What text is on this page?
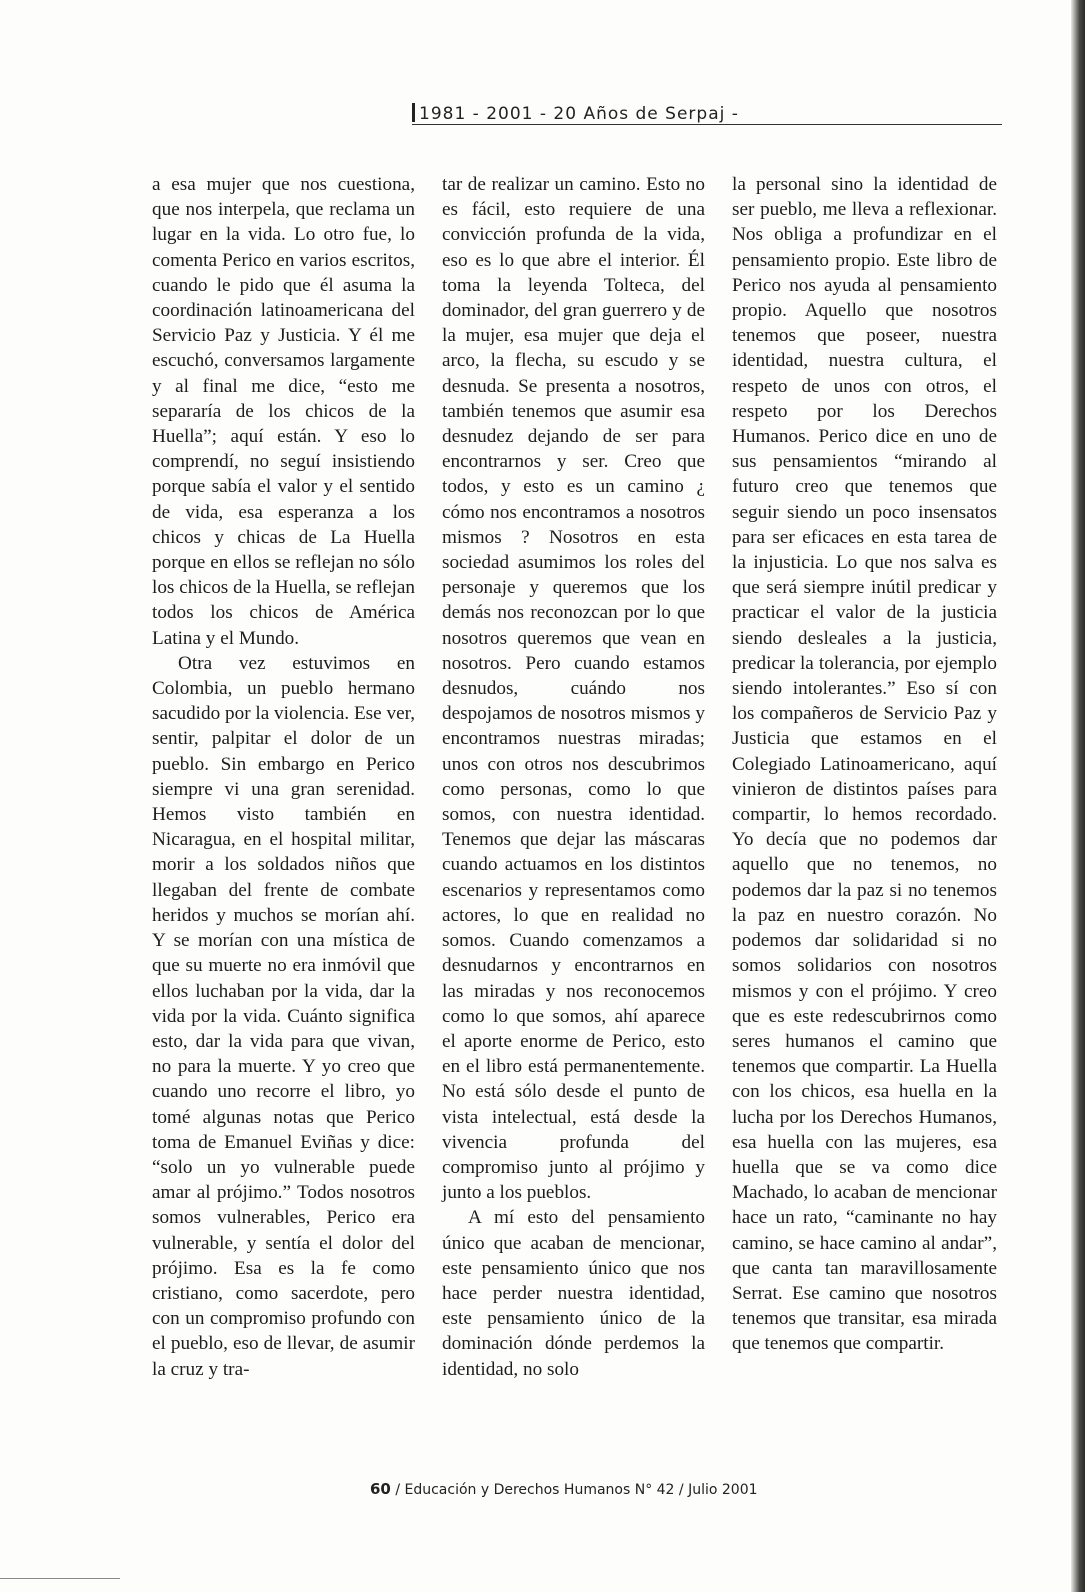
1981 - 2001 - 20 Años de Serpaj -

a esa mujer que nos cuestiona, que nos interpela, que reclama un lugar en la vida. Lo otro fue, lo comenta Perico en varios escritos, cuando le pido que él asuma la coordinación latinoamericana del Servicio Paz y Justicia. Y él me escuchó, conversamos largamente y al final me dice, “esto me separaría de los chicos de la Huella”; aquí están. Y eso lo comprendí, no seguí insistiendo porque sabía el valor y el sentido de vida, esa esperanza a los chicos y chicas de La Huella porque en ellos se reflejan no sólo los chicos de la Huella, se reflejan todos los chicos de América Latina y el Mundo.

Otra vez estuvimos en Colombia, un pueblo hermano sacudido por la violencia. Ese ver, sentir, palpitar el dolor de un pueblo. Sin embargo en Perico siempre vi una gran serenidad. Hemos visto también en Nicaragua, en el hospital militar, morir a los soldados niños que llegaban del frente de combate heridos y muchos se morían ahí. Y se morían con una mística de que su muerte no era inmóvil que ellos luchaban por la vida, dar la vida por la vida. Cuánto significa esto, dar la vida para que vivan, no para la muerte. Y yo creo que cuando uno recorre el libro, yo tomé algunas notas que Perico toma de Emanuel Eviñas y dice: “solo un yo vulnerable puede amar al prójimo.” Todos nosotros somos vulnerables, Perico era vulnerable, y sentía el dolor del prójimo. Esa es la fe como cristiano, como sacerdote, pero con un compromiso profundo con el pueblo, eso de llevar, de asumir la cruz y tra-

tar de realizar un camino. Esto no es fácil, esto requiere de una convicción profunda de la vida, eso es lo que abre el interior. Él toma la leyenda Tolteca, del dominador, del gran guerrero y de la mujer, esa mujer que deja el arco, la flecha, su escudo y se desnuda. Se presenta a nosotros, también tenemos que asumir esa desnudez dejando de ser para encontrarnos y ser. Creo que todos, y esto es un camino ¿ cómo nos encontramos a nosotros mismos ? Nosotros en esta sociedad asumimos los roles del personaje y queremos que los demás nos reconozcan por lo que nosotros queremos que vean en nosotros. Pero cuando estamos desnudos, cuándo nos despojamos de nosotros mismos y encontramos nuestras miradas; unos con otros nos descubrimos como personas, como lo que somos, con nuestra identidad. Tenemos que dejar las máscaras cuando actuamos en los distintos escenarios y representamos como actores, lo que en realidad no somos. Cuando comenzamos a desnudarnos y encontrarnos en las miradas y nos reconocemos como lo que somos, ahí aparece el aporte enorme de Perico, esto en el libro está permanentemente. No está sólo desde el punto de vista intelectual, está desde la vivencia profunda del compromiso junto al prójimo y junto a los pueblos.

A mí esto del pensamiento único que acaban de mencionar, este pensamiento único que nos hace perder nuestra identidad, este pensamiento único de la dominación dónde perdemos la identidad, no solo

la personal sino la identidad de ser pueblo, me lleva a reflexionar. Nos obliga a profundizar en el pensamiento propio. Este libro de Perico nos ayuda al pensamiento propio. Aquello que nosotros tenemos que poseer, nuestra identidad, nuestra cultura, el respeto de unos con otros, el respeto por los Derechos Humanos. Perico dice en uno de sus pensamientos “mirando al futuro creo que tenemos que seguir siendo un poco insensatos para ser eficaces en esta tarea de la injusticia. Lo que nos salva es que será siempre inútil predicar y practicar el valor de la justicia siendo desleales a la justicia, predicar la tolerancia, por ejemplo siendo intolerantes.” Eso sí con los compañeros de Servicio Paz y Justicia que estamos en el Colegiado Latinoamericano, aquí vinieron de distintos países para compartir, lo hemos recordado. Yo decía que no podemos dar aquello que no tenemos, no podemos dar la paz si no tenemos la paz en nuestro corazón. No podemos dar solidaridad si no somos solidarios con nosotros mismos y con el prójimo. Y creo que es este redescubrirnos como seres humanos el camino que tenemos que compartir. La Huella con los chicos, esa huella en la lucha por los Derechos Humanos, esa huella con las mujeres, esa huella que se va como dice Machado, lo acaban de mencionar hace un rato, “caminante no hay camino, se hace camino al andar”, que canta tan maravillosamente Serrat. Ese camino que nosotros tenemos que transitar, esa mirada que tenemos que compartir.

60 / Educación y Derechos Humanos N° 42 / Julio 2001
